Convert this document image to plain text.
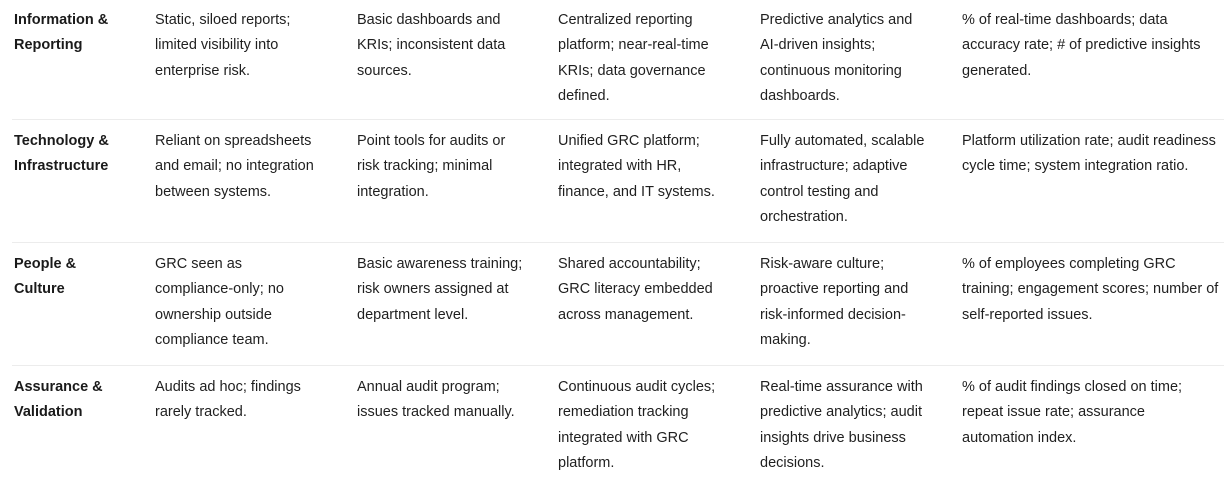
Information &
Reporting
Static, siloed reports;
limited visibility into
enterprise risk.
Basic dashboards and
KRIs; inconsistent data
sources.
Centralized reporting
platform; near-real-time
KRIs; data governance
defined.
Predictive analytics and
AI-driven insights;
continuous monitoring
dashboards.
% of real-time dashboards; data
accuracy rate; # of predictive insights
generated.
Technology &
Infrastructure
Reliant on spreadsheets
and email; no integration
between systems.
Point tools for audits or
risk tracking; minimal
integration.
Unified GRC platform;
integrated with HR,
finance, and IT systems.
Fully automated, scalable
infrastructure; adaptive
control testing and
orchestration.
Platform utilization rate; audit readiness
cycle time; system integration ratio.
People &
Culture
GRC seen as
compliance-only; no
ownership outside
compliance team.
Basic awareness training;
risk owners assigned at
department level.
Shared accountability;
GRC literacy embedded
across management.
Risk-aware culture;
proactive reporting and
risk-informed decision-
making.
% of employees completing GRC
training; engagement scores; number of
self-reported issues.
Assurance &
Validation
Audits ad hoc; findings
rarely tracked.
Annual audit program;
issues tracked manually.
Continuous audit cycles;
remediation tracking
integrated with GRC
platform.
Real-time assurance with
predictive analytics; audit
insights drive business
decisions.
% of audit findings closed on time;
repeat issue rate; assurance
automation index.
